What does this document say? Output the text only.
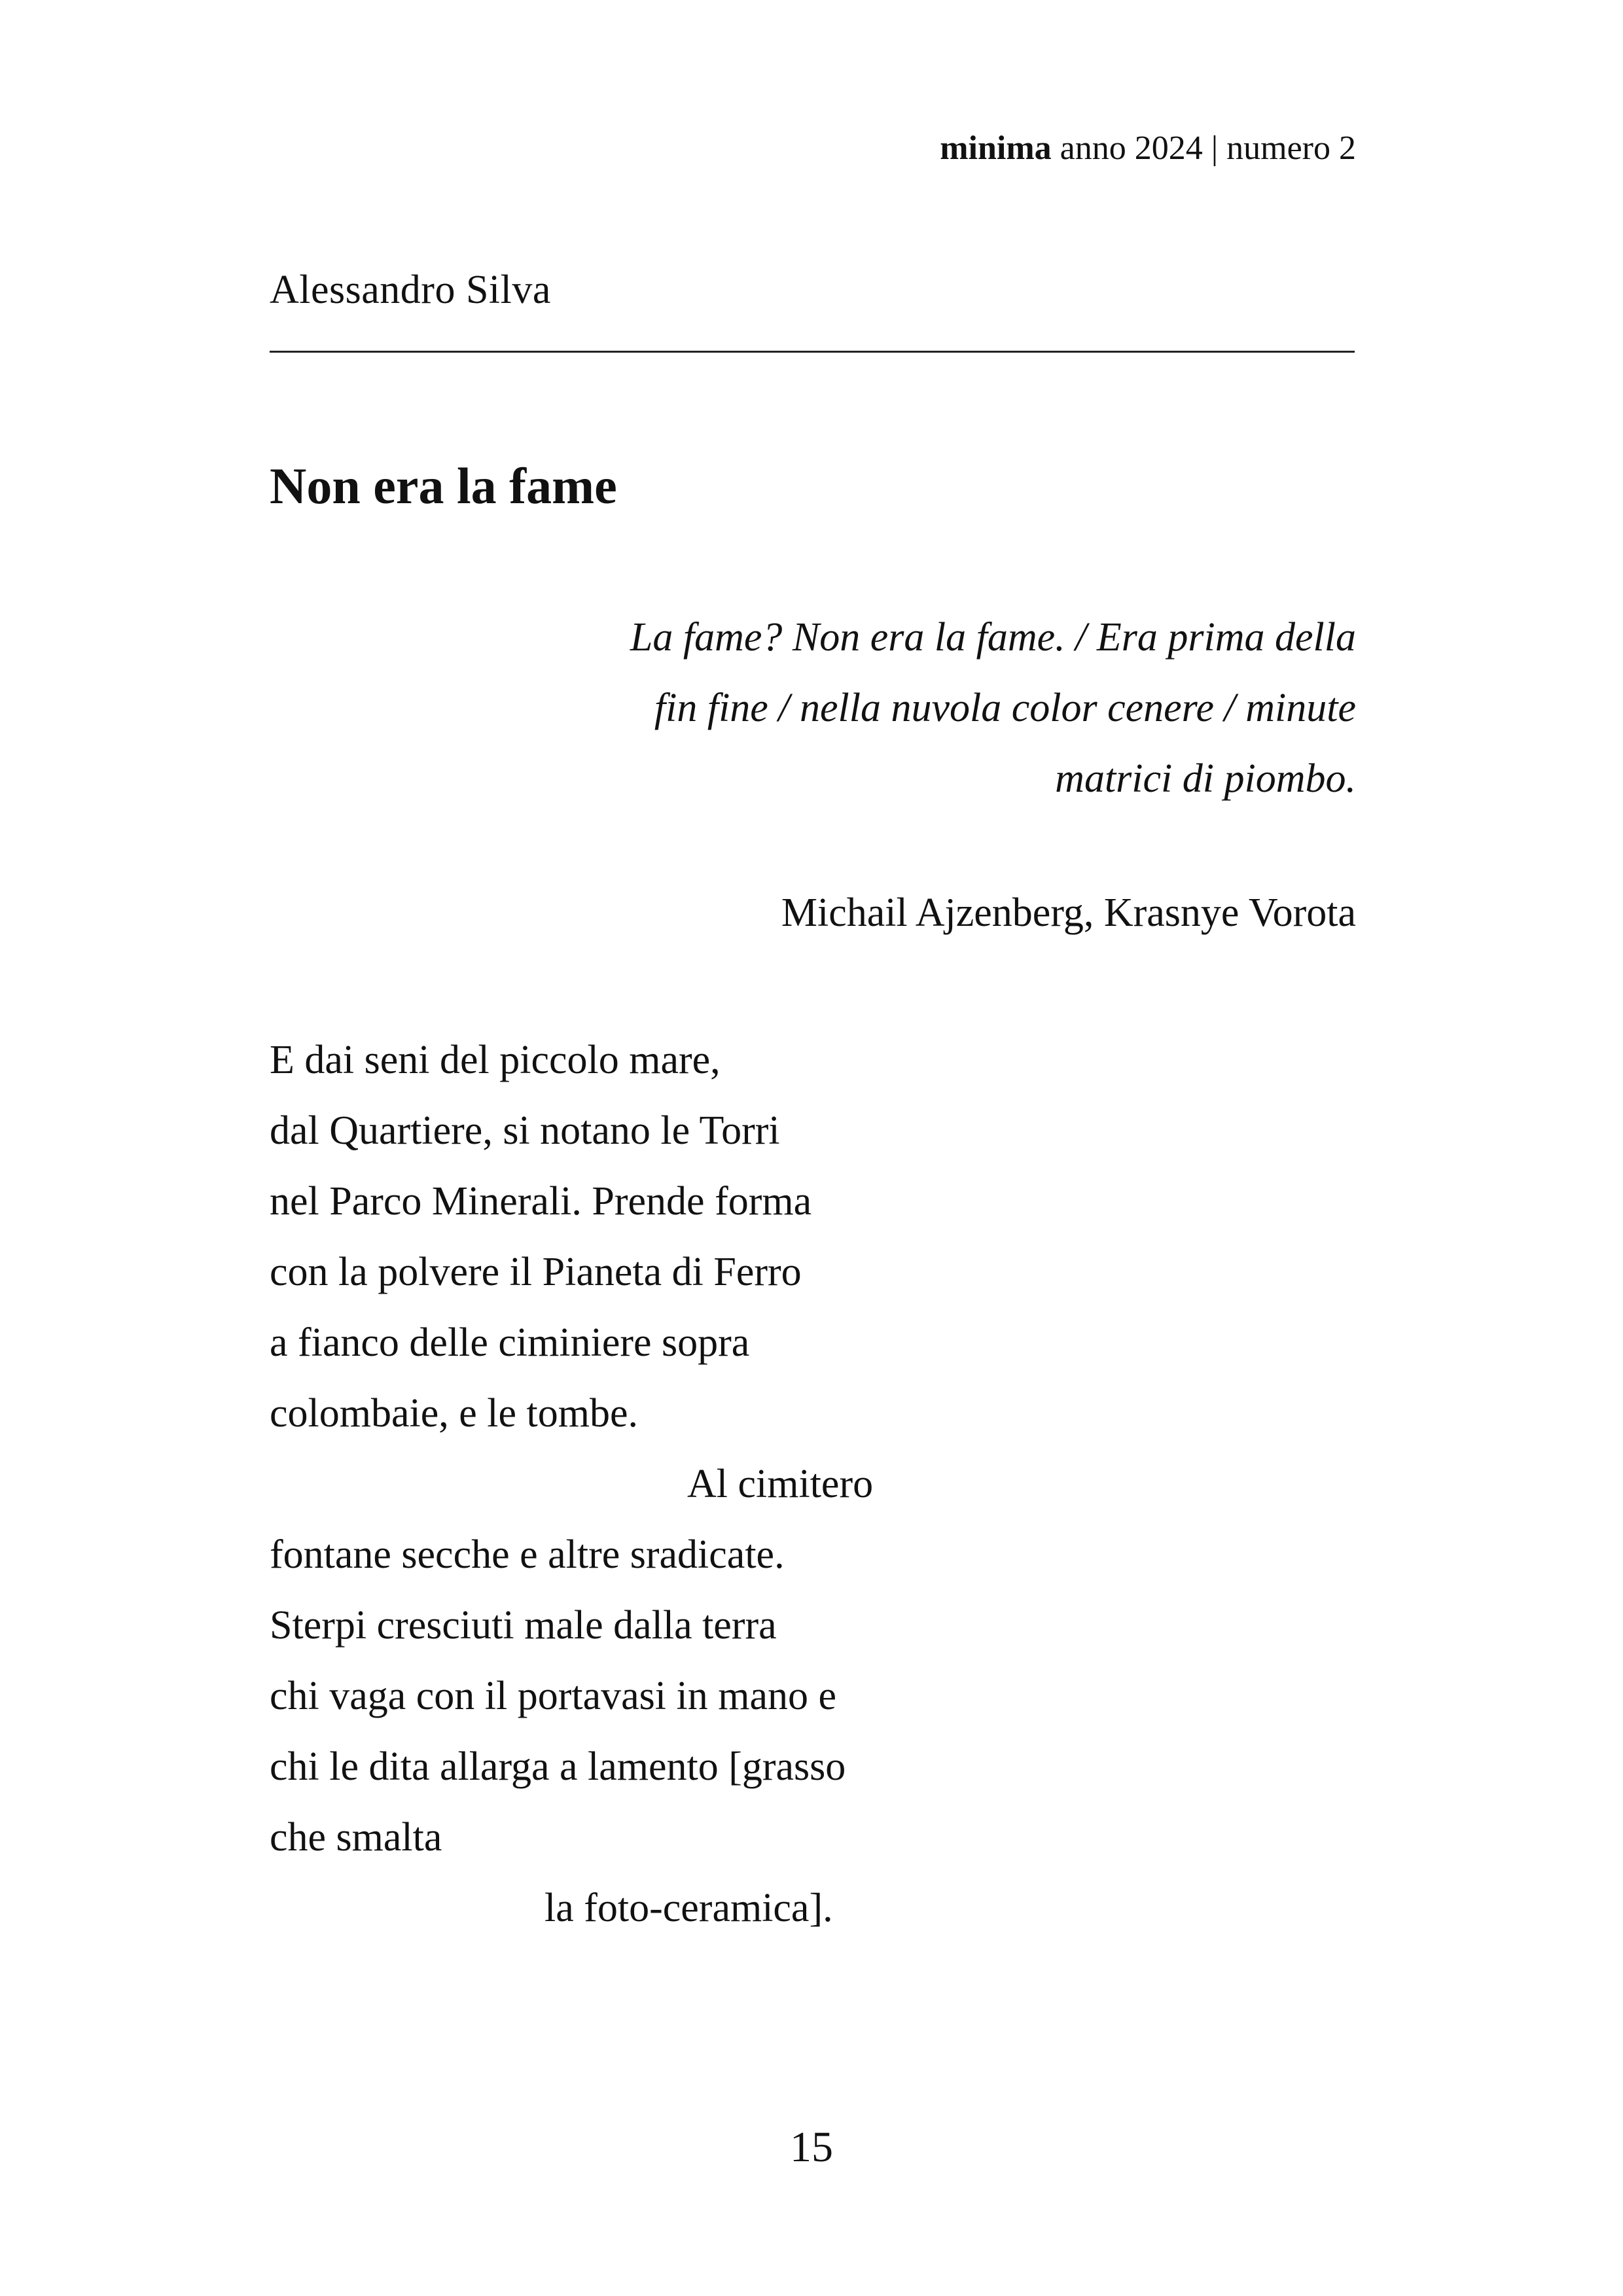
minima anno 2024 | numero 2
Alessandro Silva
Non era la fame
La fame? Non era la fame. / Era prima della
fin fine / nella nuvola color cenere / minute
matrici di piombo.
Michail Ajzenberg, Krasnye Vorota
E dai seni del piccolo mare,
dal Quartiere, si notano le Torri
nel Parco Minerali. Prende forma
con la polvere il Pianeta di Ferro
a fianco delle ciminiere sopra
colombaie, e le tombe.
Al cimitero
fontane secche e altre sradicate.
Sterpi cresciuti male dalla terra
chi vaga con il portavasi in mano e
chi le dita allarga a lamento [grasso
che smalta
la foto-ceramica].
15
